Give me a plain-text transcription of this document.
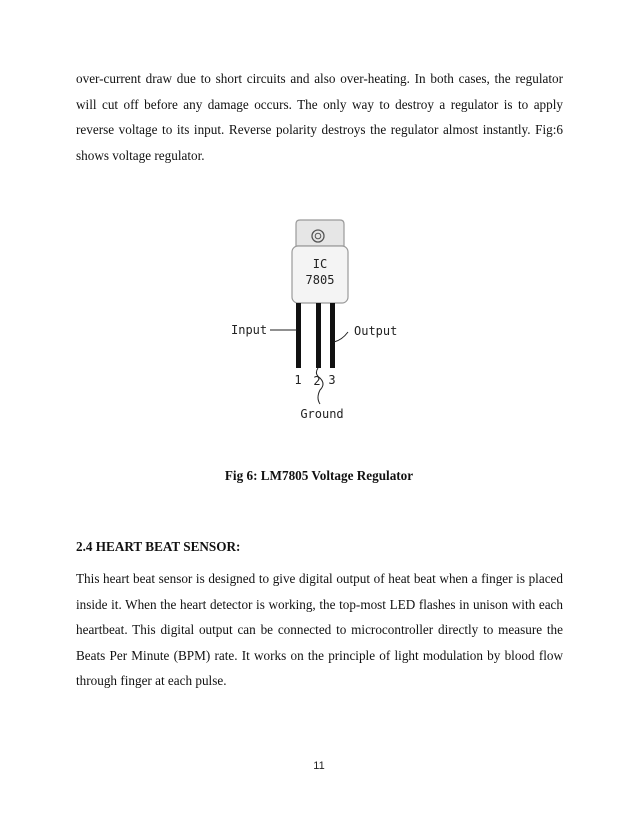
over-current draw due to short circuits and also over-heating. In both cases, the regulator will cut off before any damage occurs. The only way to destroy a regulator is to apply reverse voltage to its input. Reverse polarity destroys the regulator almost instantly. Fig:6 shows voltage regulator.

IC
7805
Input	Output
1 2 3
Ground

Fig 6: LM7805 Voltage Regulator

2.4 HEART BEAT SENSOR:

This heart beat sensor is designed to give digital output of heat beat when a finger is placed inside it. When the heart detector is working, the top-most LED flashes in unison with each heartbeat. This digital output can be connected to microcontroller directly to measure the Beats Per Minute (BPM) rate. It works on the principle of light modulation by blood flow through finger at each pulse.

11
